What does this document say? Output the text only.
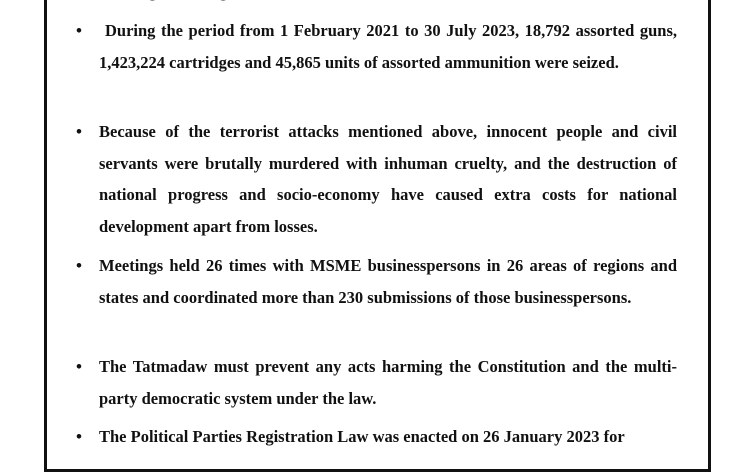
•	During the period from 1 February 2021 to 30 July 2023, 18,792 assorted guns, 1,423,224 cartridges and 45,865 units of assorted ammunition were seized.

• Because of the terrorist attacks mentioned above, innocent people and civil servants were brutally murdered with inhuman cruelty, and the destruction of national progress and socio-economy have caused extra costs for national development apart from losses.

• Meetings held 26 times with MSME businesspersons in 26 areas of regions and states and coordinated more than 230 submissions of those businesspersons.

• The Tatmadaw must prevent any acts harming the Constitution and the multi-party democratic system under the law.

• The Political Parties Registration Law was enacted on 26 January 2023 for
